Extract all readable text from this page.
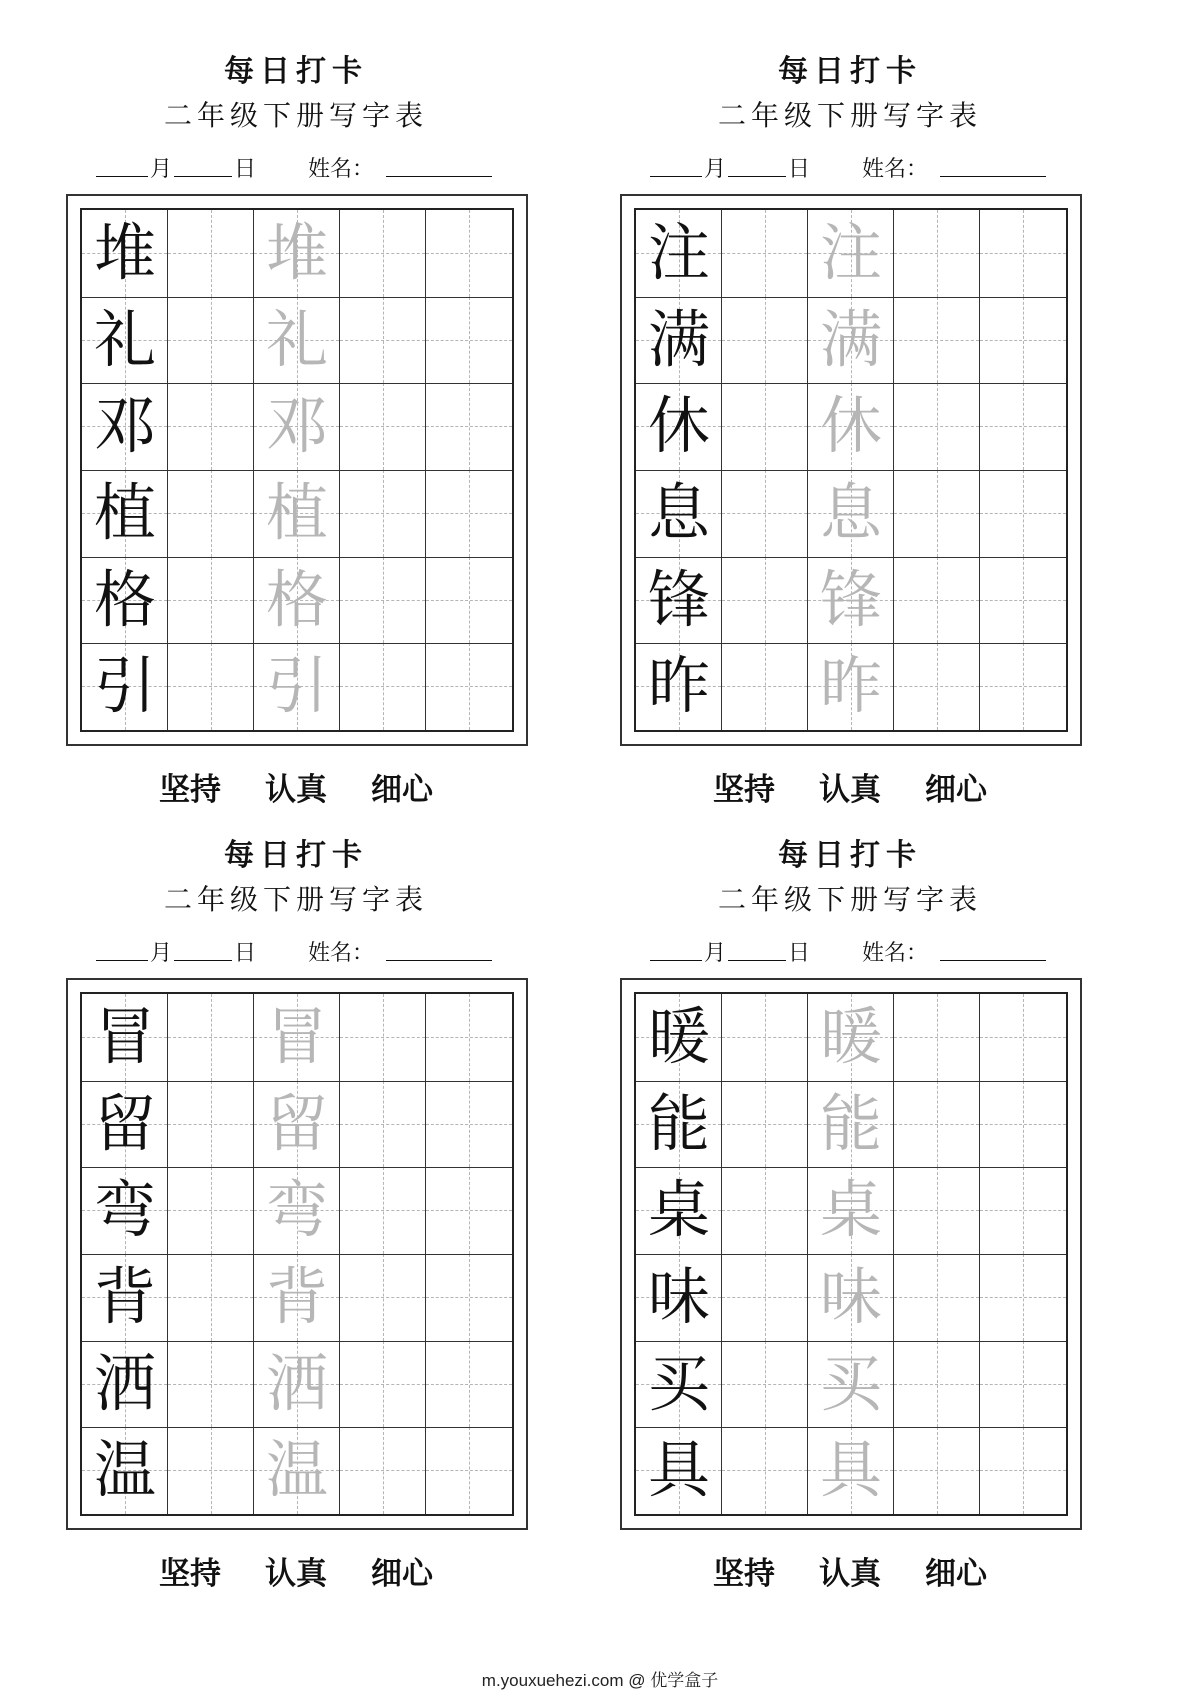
每日打卡
二年级下册写字表
月	日 姓名：
堆 堆
礼 礼
邓 邓
植 植
格 格
引 引
坚持 认真 细心
每日打卡
二年级下册写字表
月	日 姓名：
注 注
满 满
休 休
息 息
锋 锋
昨 昨
坚持 认真 细心
每日打卡
二年级下册写字表
月	日 姓名：
冒 冒
留 留
弯 弯
背 背
洒 洒
温 温
坚持 认真 细心
每日打卡
二年级下册写字表
月	日 姓名：
暖 暖
能 能
桌 桌
味 味
买 买
具 具
坚持 认真 细心
m.youxuehezi.com @ 优学盒子
